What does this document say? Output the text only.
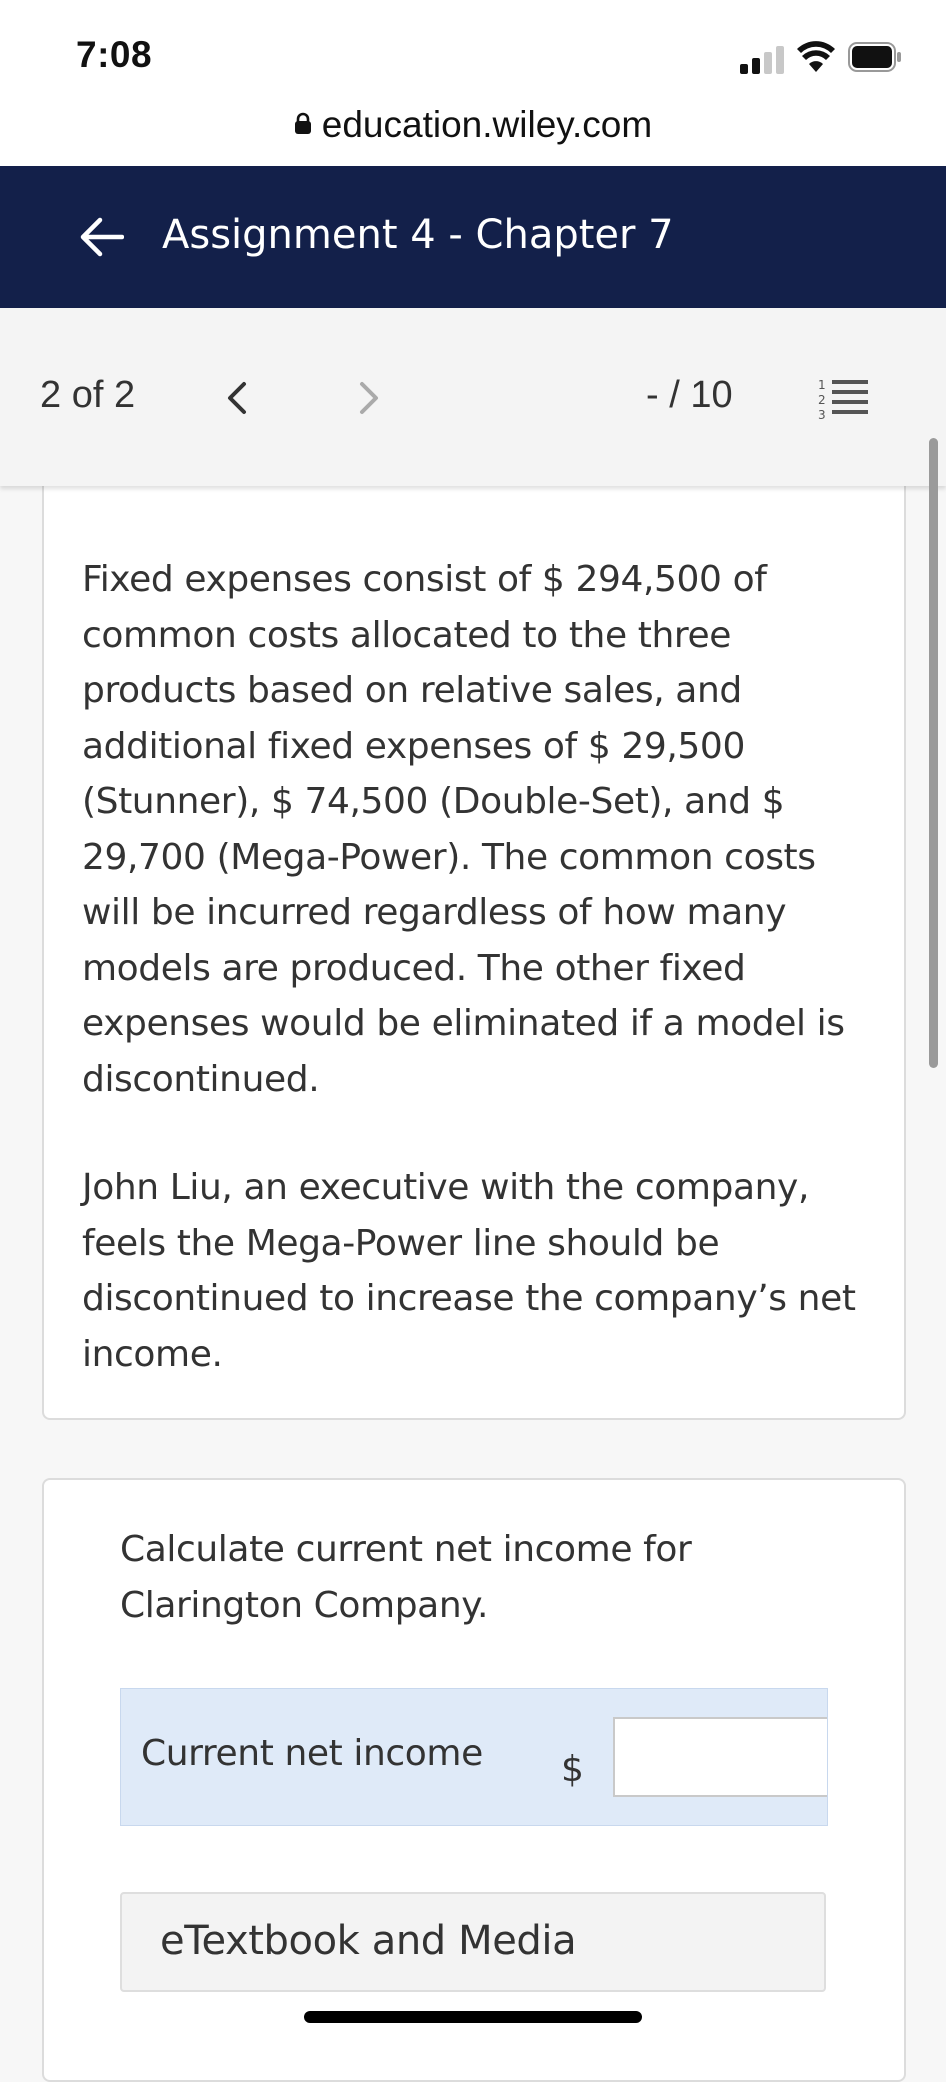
7:08
education.wiley.com
Assignment 4 - Chapter 7
2 of 2	- / 10	1
2
3
Fixed expenses consist of $ 294,500 of common costs allocated to the three products based on relative sales, and additional fixed expenses of $ 29,500 (Stunner), $ 74,500 (Double-Set), and $ 29,700 (Mega-Power). The common costs will be incurred regardless of how many models are produced. The other fixed expenses would be eliminated if a model is discontinued.
John Liu, an executive with the company, feels the Mega-Power line should be discontinued to increase the company’s net income.
Calculate current net income for Clarington Company.
Current net income $
eTextbook and Media
